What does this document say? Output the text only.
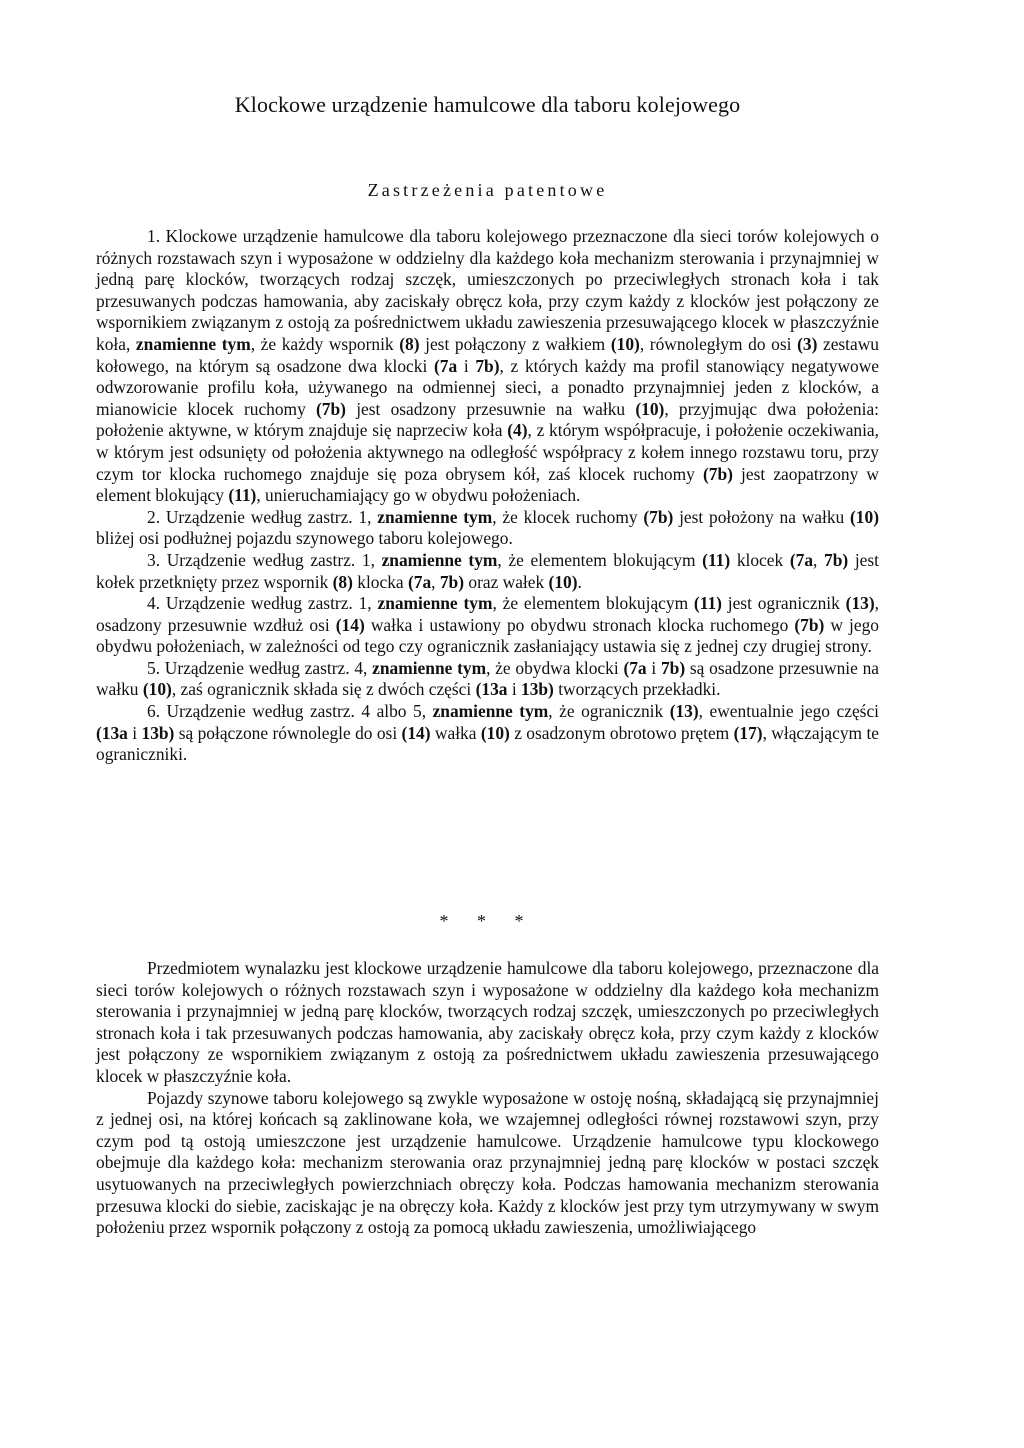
Klockowe urządzenie hamulcowe dla taboru kolejowego
Zastrzeżenia patentowe

1. Klockowe urządzenie hamulcowe dla taboru kolejowego przeznaczone dla sieci torów kolejowych o różnych rozstawach szyn i wyposażone w oddzielny dla każdego koła mechanizm sterowania i przynajmniej w jedną parę klocków, tworzących rodzaj szczęk, umieszczonych po przeciwległych stronach koła i tak przesuwanych podczas hamowania, aby zaciskały obręcz koła, przy czym każdy z klocków jest połączony ze wspornikiem związanym z ostoją za pośrednictwem układu zawieszenia przesuwającego klocek w płaszczyźnie koła, znamienne tym, że każdy wspornik (8) jest połączony z wałkiem (10), równoległym do osi (3) zestawu kołowego, na którym są osadzone dwa klocki (7a i 7b), z których każdy ma profil stanowiący negatywowe odwzorowanie profilu koła, używanego na odmiennej sieci, a ponadto przynajmniej jeden z klocków, a mianowicie klocek ruchomy (7b) jest osadzony przesuwnie na wałku (10), przyjmując dwa położenia: położenie aktywne, w którym znajduje się naprzeciw koła (4), z którym współpracuje, i położenie oczekiwania, w którym jest odsunięty od położenia aktywnego na odległość współpracy z kołem innego rozstawu toru, przy czym tor klocka ruchomego znajduje się poza obrysem kół, zaś klocek ruchomy (7b) jest zaopatrzony w element blokujący (11), unieruchamiający go w obydwu położeniach.

2. Urządzenie według zastrz. 1, znamienne tym, że klocek ruchomy (7b) jest położony na wałku (10) bliżej osi podłużnej pojazdu szynowego taboru kolejowego.

3. Urządzenie według zastrz. 1, znamienne tym, że elementem blokującym (11) klocek (7a, 7b) jest kołek przetknięty przez wspornik (8) klocka (7a, 7b) oraz wałek (10).

4. Urządzenie według zastrz. 1, znamienne tym, że elementem blokującym (11) jest ogranicznik (13), osadzony przesuwnie wzdłuż osi (14) wałka i ustawiony po obydwu stronach klocka ruchomego (7b) w jego obydwu położeniach, w zależności od tego czy ogranicznik zasłaniający ustawia się z jednej czy drugiej strony.

5. Urządzenie według zastrz. 4, znamienne tym, że obydwa klocki (7a i 7b) są osadzone przesuwnie na wałku (10), zaś ogranicznik składa się z dwóch części (13a i 13b) tworzących przekładki.

6. Urządzenie według zastrz. 4 albo 5, znamienne tym, że ogranicznik (13), ewentualnie jego części (13a i 13b) są połączone równolegle do osi (14) wałka (10) z osadzonym obrotowo prętem (17), włączającym te ograniczniki.

* * *

Przedmiotem wynalazku jest klockowe urządzenie hamulcowe dla taboru kolejowego, przeznaczone dla sieci torów kolejowych o różnych rozstawach szyn i wyposażone w oddzielny dla każdego koła mechanizm sterowania i przynajmniej w jedną parę klocków, tworzących rodzaj szczęk, umieszczonych po przeciwległych stronach koła i tak przesuwanych podczas hamowania, aby zaciskały obręcz koła, przy czym każdy z klocków jest połączony ze wspornikiem związanym z ostoją za pośrednictwem układu zawieszenia przesuwającego klocek w płaszczyźnie koła.

Pojazdy szynowe taboru kolejowego są zwykle wyposażone w ostoję nośną, składającą się przynajmniej z jednej osi, na której końcach są zaklinowane koła, we wzajemnej odległości równej rozstawowi szyn, przy czym pod tą ostoją umieszczone jest urządzenie hamulcowe. Urządzenie hamulcowe typu klockowego obejmuje dla każdego koła: mechanizm sterowania oraz przynajmniej jedną parę klocków w postaci szczęk usytuowanych na przeciwległych powierzchniach obręczy koła. Podczas hamowania mechanizm sterowania przesuwa klocki do siebie, zaciskając je na obręczy koła. Każdy z klocków jest przy tym utrzymywany w swym położeniu przez wspornik połączony z ostoją za pomocą układu zawieszenia, umożliwiającego
